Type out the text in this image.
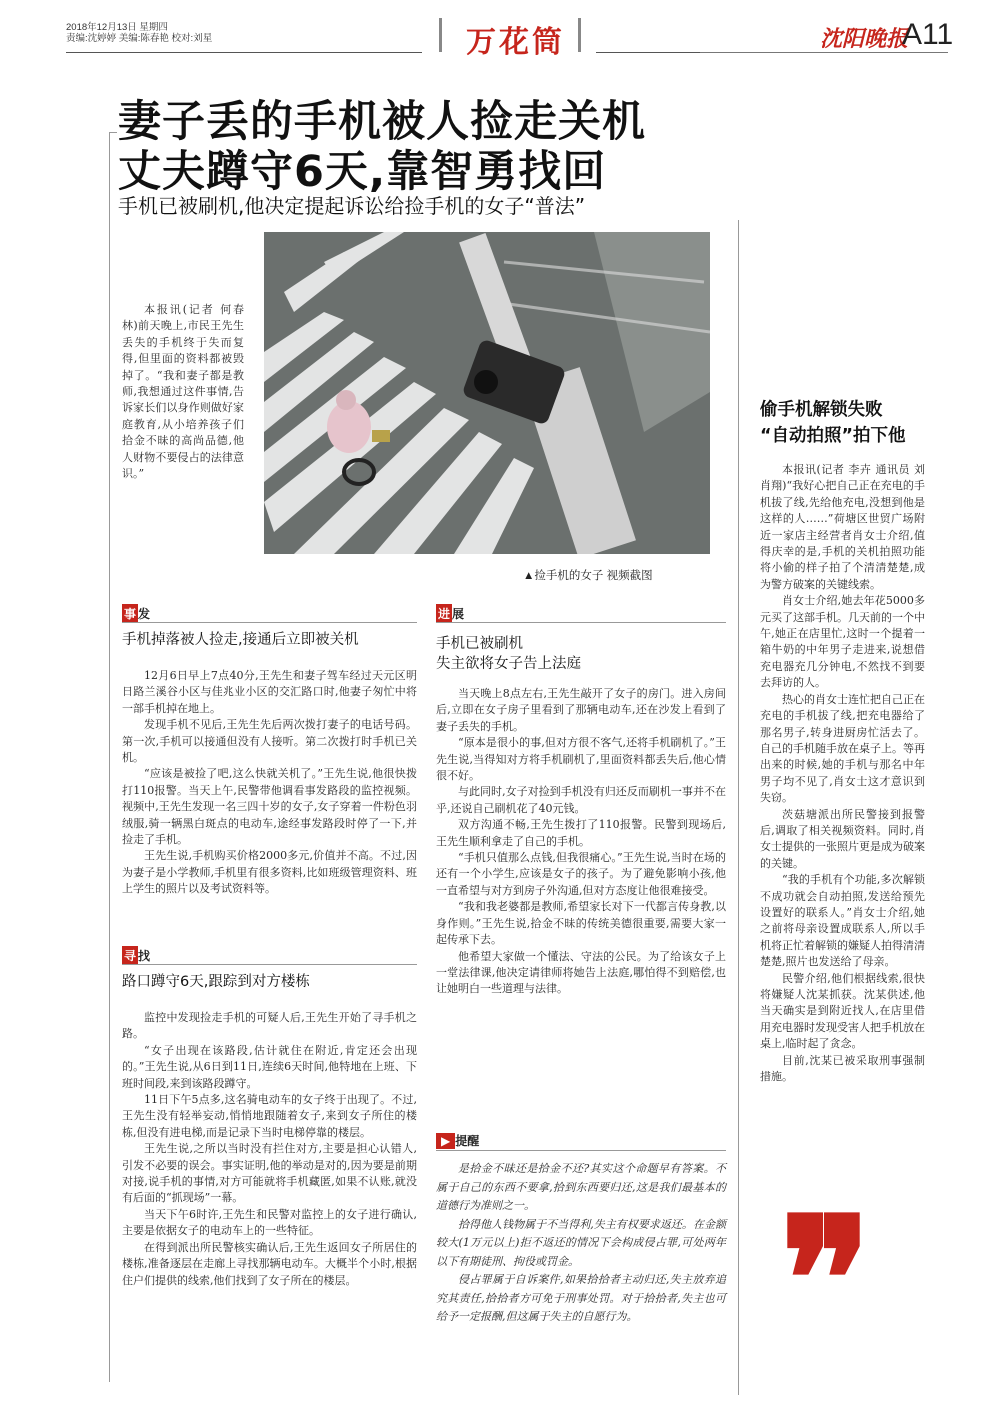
2018年12月13日 星期四
责编:沈婷婷 美编:陈春艳 校对:刘星	万花筒	沈阳晚报
A11
妻子丢的手机被人捡走关机
丈夫蹲守6天,靠智勇找回
手机已被刷机,他决定提起诉讼给捡手机的女子“普法”

本报讯(记者 何春林)前天晚上,市民王先生丢失的手机终于失而复得,但里面的资料都被毁掉了。“我和妻子都是教师,我想通过这件事情,告诉家长们以身作则做好家庭教育,从小培养孩子们拾金不昧的高尚品德,他人财物不要侵占的法律意识。”

▲捡手机的女子 视频截图
事 发
手机掉落被人捡走,接通后立即被关机

12月6日早上7点40分,王先生和妻子驾车经过天元区明日路兰溪谷小区与佳兆业小区的交汇路口时,他妻子匆忙中将一部手机掉在地上。

发现手机不见后,王先生先后两次拨打妻子的电话号码。第一次,手机可以接通但没有人接听。第二次拨打时手机已关机。

“应该是被捡了吧,这么快就关机了。”王先生说,他很快拨打110报警。当天上午,民警带他调看事发路段的监控视频。视频中,王先生发现一名三四十岁的女子,女子穿着一件粉色羽绒服,骑一辆黑白斑点的电动车,途经事发路段时停了一下,并捡走了手机。

王先生说,手机购买价格2000多元,价值并不高。不过,因为妻子是小学教师,手机里有很多资料,比如班级管理资料、班上学生的照片以及考试资料等。

寻 找
路口蹲守6天,跟踪到对方楼栋

监控中发现捡走手机的可疑人后,王先生开始了寻手机之路。

“女子出现在该路段,估计就住在附近,肯定还会出现的。”王先生说,从6日到11日,连续6天时间,他特地在上班、下班时间段,来到该路段蹲守。

11日下午5点多,这名骑电动车的女子终于出现了。不过,王先生没有轻举妄动,悄悄地跟随着女子,来到女子所住的楼栋,但没有进电梯,而是记录下当时电梯停靠的楼层。

王先生说,之所以当时没有拦住对方,主要是担心认错人,引发不必要的误会。事实证明,他的举动是对的,因为要是前期对接,说手机的事情,对方可能就将手机藏匿,如果不认账,就没有后面的“抓现场”一幕。

当天下午6时许,王先生和民警对监控上的女子进行确认,主要是依据女子的电动车上的一些特征。

在得到派出所民警核实确认后,王先生返回女子所居住的楼栋,准备逐层在走廊上寻找那辆电动车。大概半个小时,根据住户们提供的线索,他们找到了女子所在的楼层。

进 展
手机已被刷机
失主欲将女子告上法庭

当天晚上8点左右,王先生敲开了女子的房门。进入房间后,立即在女子房子里看到了那辆电动车,还在沙发上看到了妻子丢失的手机。

“原本是很小的事,但对方很不客气,还将手机刷机了。”王先生说,当得知对方将手机刷机了,里面资料都丢失后,他心情很不好。

与此同时,女子对捡到手机没有归还反而刷机一事并不在乎,还说自己刷机花了40元钱。

双方沟通不畅,王先生拨打了110报警。民警到现场后,王先生顺利拿走了自己的手机。

“手机只值那么点钱,但我很痛心。”王先生说,当时在场的还有一个小学生,应该是女子的孩子。为了避免影响小孩,他一直希望与对方到房子外沟通,但对方态度让他很难接受。

“我和我老婆都是教师,希望家长对下一代都言传身教,以身作则。”王先生说,拾金不昧的传统美德很重要,需要大家一起传承下去。

他希望大家做一个懂法、守法的公民。为了给该女子上一堂法律课,他决定请律师将她告上法庭,哪怕得不到赔偿,也让她明白一些道理与法律。

▶ 提醒

是拾金不昧还是拾金不还?其实这个命题早有答案。不属于自己的东西不要拿,拾到东西要归还,这是我们最基本的道德行为准则之一。

拾得他人钱物属于不当得利,失主有权要求返还。在金额较大(1万元以上)拒不返还的情况下会构成侵占罪,可处两年以下有期徒刑、拘役或罚金。

侵占罪属于自诉案件,如果拾拾者主动归还,失主放弃追究其责任,拾拾者方可免于刑事处罚。对于拾拾者,失主也可给予一定报酬,但这属于失主的自愿行为。

偷手机解锁失败
“自动拍照”拍下他

本报讯(记者 李卉 通讯员 刘肖翔)“我好心把自己正在充电的手机拔了线,先给他充电,没想到他是这样的人……”荷塘区世贸广场附近一家店主经营者肖女士介绍,值得庆幸的是,手机的关机拍照功能将小偷的样子拍了个清清楚楚,成为警方破案的关键线索。

肖女士介绍,她去年花5000多元买了这部手机。几天前的一个中午,她正在店里忙,这时一个提着一箱牛奶的中年男子走进来,说想借充电器充几分钟电,不然找不到要去拜访的人。

热心的肖女士连忙把自己正在充电的手机拔了线,把充电器给了那名男子,转身进厨房忙活去了。自己的手机随手放在桌子上。等再出来的时候,她的手机与那名中年男子均不见了,肖女士这才意识到失窃。

茨菇塘派出所民警接到报警后,调取了相关视频资料。同时,肖女士提供的一张照片更是成为破案的关键。

“我的手机有个功能,多次解锁不成功就会自动拍照,发送给预先设置好的联系人。”肖女士介绍,她之前将母亲设置成联系人,所以手机将正忙着解锁的嫌疑人拍得清清楚楚,照片也发送给了母亲。

民警介绍,他们根据线索,很快将嫌疑人沈某抓获。沈某供述,他当天确实是到附近找人,在店里借用充电器时发现受害人把手机放在桌上,临时起了贪念。

目前,沈某已被采取刑事强制措施。

❞
